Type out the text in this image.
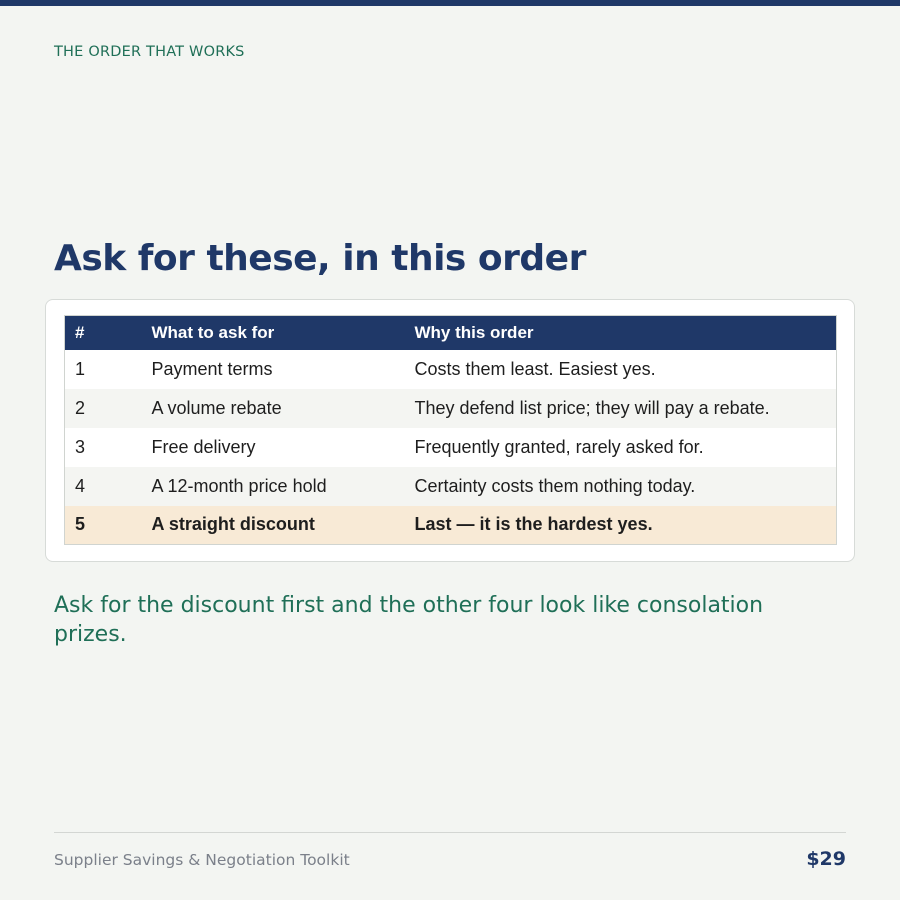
THE ORDER THAT WORKS
Ask for these, in this order
#	What to ask for	Why this order
1	Payment terms	Costs them least. Easiest yes.
2	A volume rebate	They defend list price; they will pay a rebate.
3	Free delivery	Frequently granted, rarely asked for.
4	A 12-month price hold	Certainty costs them nothing today.
5	A straight discount	Last — it is the hardest yes.

Ask for the discount first and the other four look like consolation prizes.

Supplier Savings & Negotiation Toolkit	$29
